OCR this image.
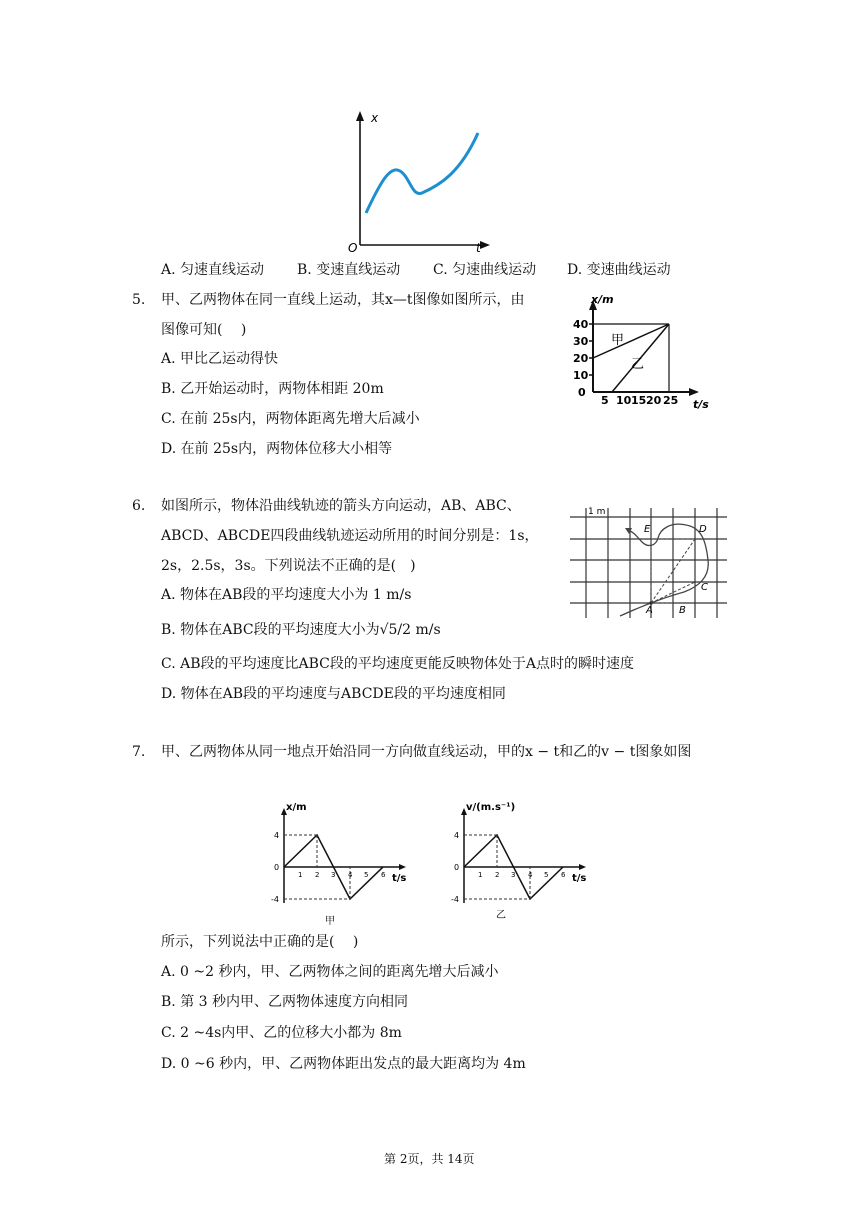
x
t
O
A. 匀速直线运动 B. 变速直线运动 C. 匀速曲线运动 D. 变速曲线运动
5. 甲、乙两物体在同一直线上运动，其x—t图像如图所示，由
图像可知(　 )
A. 甲比乙运动得快
B. 乙开始运动时，两物体相距 20m
C. 在前 25s内，两物体距离先增大后减小
D. 在前 25s内，两物体位移大小相等
x/m
t/s
40
30
20
10
0
5 10 15 20 25
甲
乙
6. 如图所示，物体沿曲线轨迹的箭头方向运动，AB、ABC、
ABCD、ABCDE四段曲线轨迹运动所用的时间分别是：1s，
2s，2.5s，3s。下列说法不正确的是(　)
A. 物体在AB段的平均速度大小为 1 m/s
B. 物体在ABC段的平均速度大小为√5/2 m/s
C. AB段的平均速度比ABC段的平均速度更能反映物体处于A点时的瞬时速度
D. 物体在AB段的平均速度与ABCDE段的平均速度相同
1 m
E	D
C
A	B
7. 甲、乙两物体从同一地点开始沿同一方向做直线运动，甲的x − t和乙的v − t图象如图
x/m
t/s
4
0
-4
1 2 3 4 5 6
甲
v/(m.s⁻¹)
t/s
4
0
-4
1 2 3 4 5 6
乙
所示，下列说法中正确的是(　 )
A. 0 ~2 秒内，甲、乙两物体之间的距离先增大后减小
B. 第 3 秒内甲、乙两物体速度方向相同
C. 2 ~4s内甲、乙的位移大小都为 8m
D. 0 ~6 秒内，甲、乙两物体距出发点的最大距离均为 4m
第 2页，共 14页
